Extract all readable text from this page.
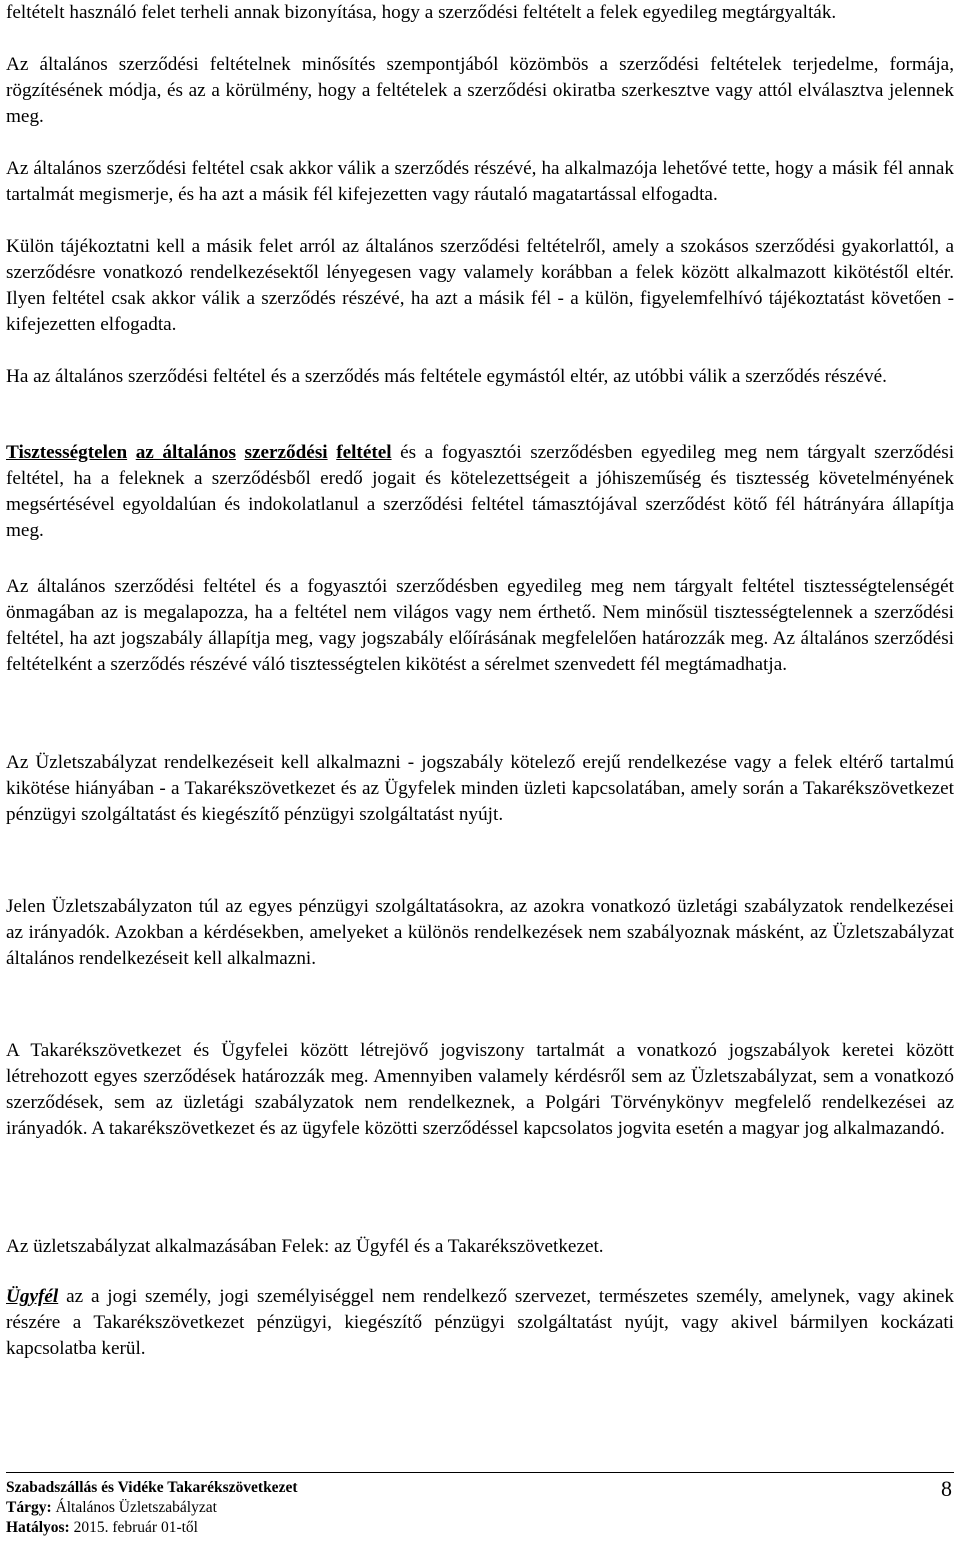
feltételt használó felet terheli annak bizonyítása, hogy a szerződési feltételt a felek egyedileg megtárgyalták.

Az általános szerződési feltételnek minősítés szempontjából közömbös a szerződési feltételek terjedelme, formája, rögzítésének módja, és az a körülmény, hogy a feltételek a szerződési okiratba szerkesztve vagy attól elválasztva jelennek meg.

Az általános szerződési feltétel csak akkor válik a szerződés részévé, ha alkalmazója lehetővé tette, hogy a másik fél annak tartalmát megismerje, és ha azt a másik fél kifejezetten vagy ráutaló magatartással elfogadta.

Külön tájékoztatni kell a másik felet arról az általános szerződési feltételről, amely a szokásos szerződési gyakorlattól, a szerződésre vonatkozó rendelkezésektől lényegesen vagy valamely korábban a felek között alkalmazott kikötéstől eltér. Ilyen feltétel csak akkor válik a szerződés részévé, ha azt a másik fél - a külön, figyelemfelhívó tájékoztatást követően - kifejezetten elfogadta.

Ha az általános szerződési feltétel és a szerződés más feltétele egymástól eltér, az utóbbi válik a szerződés részévé.

Tisztességtelen az általános szerződési feltétel és a fogyasztói szerződésben egyedileg meg nem tárgyalt szerződési feltétel, ha a feleknek a szerződésből eredő jogait és kötelezettségeit a jóhiszeműség és tisztesség követelményének megsértésével egyoldalúan és indokolatlanul a szerződési feltétel támasztójával szerződést kötő fél hátrányára állapítja meg.

Az általános szerződési feltétel és a fogyasztói szerződésben egyedileg meg nem tárgyalt feltétel tisztességtelenségét önmagában az is megalapozza, ha a feltétel nem világos vagy nem érthető. Nem minősül tisztességtelennek a szerződési feltétel, ha azt jogszabály állapítja meg, vagy jogszabály előírásának megfelelően határozzák meg. Az általános szerződési feltételként a szerződés részévé váló tisztességtelen kikötést a sérelmet szenvedett fél megtámadhatja.

Az Üzletszabályzat rendelkezéseit kell alkalmazni - jogszabály kötelező erejű rendelkezése vagy a felek eltérő tartalmú kikötése hiányában - a Takarékszövetkezet és az Ügyfelek minden üzleti kapcsolatában, amely során a Takarékszövetkezet pénzügyi szolgáltatást és kiegészítő pénzügyi szolgáltatást nyújt.

Jelen Üzletszabályzaton túl az egyes pénzügyi szolgáltatásokra, az azokra vonatkozó üzletági szabályzatok rendelkezései az irányadók. Azokban a kérdésekben, amelyeket a különös rendelkezések nem szabályoznak másként, az Üzletszabályzat általános rendelkezéseit kell alkalmazni.

A Takarékszövetkezet és Ügyfelei között létrejövő jogviszony tartalmát a vonatkozó jogszabályok keretei között létrehozott egyes szerződések határozzák meg. Amennyiben valamely kérdésről sem az Üzletszabályzat, sem a vonatkozó szerződések, sem az üzletági szabályzatok nem rendelkeznek, a Polgári Törvénykönyv megfelelő rendelkezései az irányadók. A takarékszövetkezet és az ügyfele közötti szerződéssel kapcsolatos jogvita esetén a magyar jog alkalmazandó.

Az üzletszabályzat alkalmazásában Felek: az Ügyfél és a Takarékszövetkezet.

Ügyfél az a jogi személy, jogi személyiséggel nem rendelkező szervezet, természetes személy, amelynek, vagy akinek részére a Takarékszövetkezet pénzügyi, kiegészítő pénzügyi szolgáltatást nyújt, vagy akivel bármilyen kockázati kapcsolatba kerül.

Szabadszállás és Vidéke Takarékszövetkezet
Tárgy: Általános Üzletszabályzat
Hatályos: 2015. február 01-től
8
